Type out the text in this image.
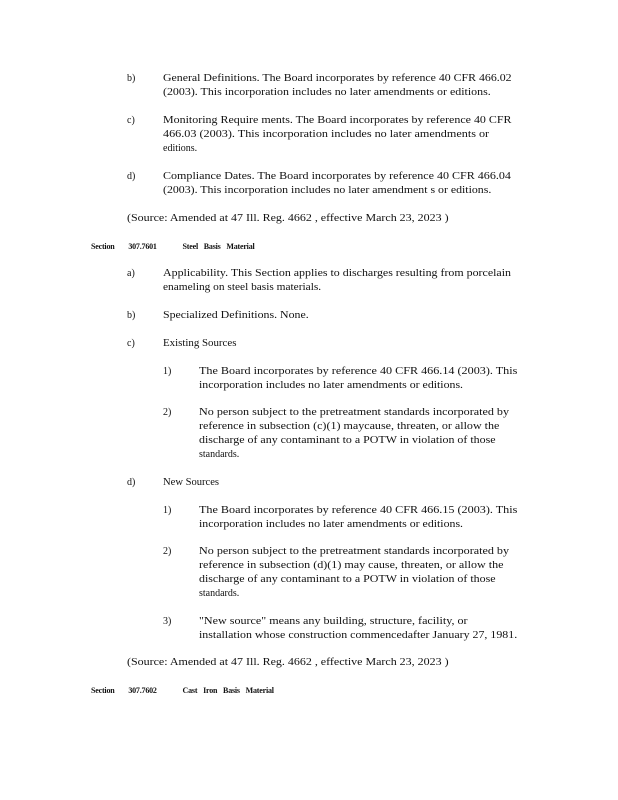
b)	General Definitions. The Board incorporates by reference 40 CFR 466.02
(2003). This incorporation includes no later amendments or editions.
c)	Monitoring Require ments. The Board incorporates by reference 40 CFR
466.03 (2003). This incorporation includes no later amendments or
editions.
d)	Compliance Dates. The Board incorporates by reference 40 CFR 466.04
(2003). This incorporation includes no later amendment s or editions.
(Source: Amended at 47 Ill. Reg. 4662 , effective March 23, 2023 )
Section 307.7601	Steel Basis Material
a)	Applicability. This Section applies to discharges resulting from porcelain
enameling on steel basis materials.
b)	Specialized Definitions. None.
c)	Existing Sources
1)	The Board incorporates by reference 40 CFR 466.14 (2003). This
incorporation includes no later amendments or editions.
2)	No person subject to the pretreatment standards incorporated by
reference in subsection (c)(1) maycause, threaten, or allow the
discharge of any contaminant to a POTW in violation of those
standards.
d)	New Sources
1)	The Board incorporates by reference 40 CFR 466.15 (2003). This
incorporation includes no later amendments or editions.
2)	No person subject to the pretreatment standards incorporated by
reference in subsection (d)(1) may cause, threaten, or allow the
discharge of any contaminant to a POTW in violation of those
standards.
3)	"New source" means any building, structure, facility, or
installation whose construction commencedafter January 27, 1981.
(Source: Amended at 47 Ill. Reg. 4662 , effective March 23, 2023 )
Section 307.7602	Cast Iron Basis Material
